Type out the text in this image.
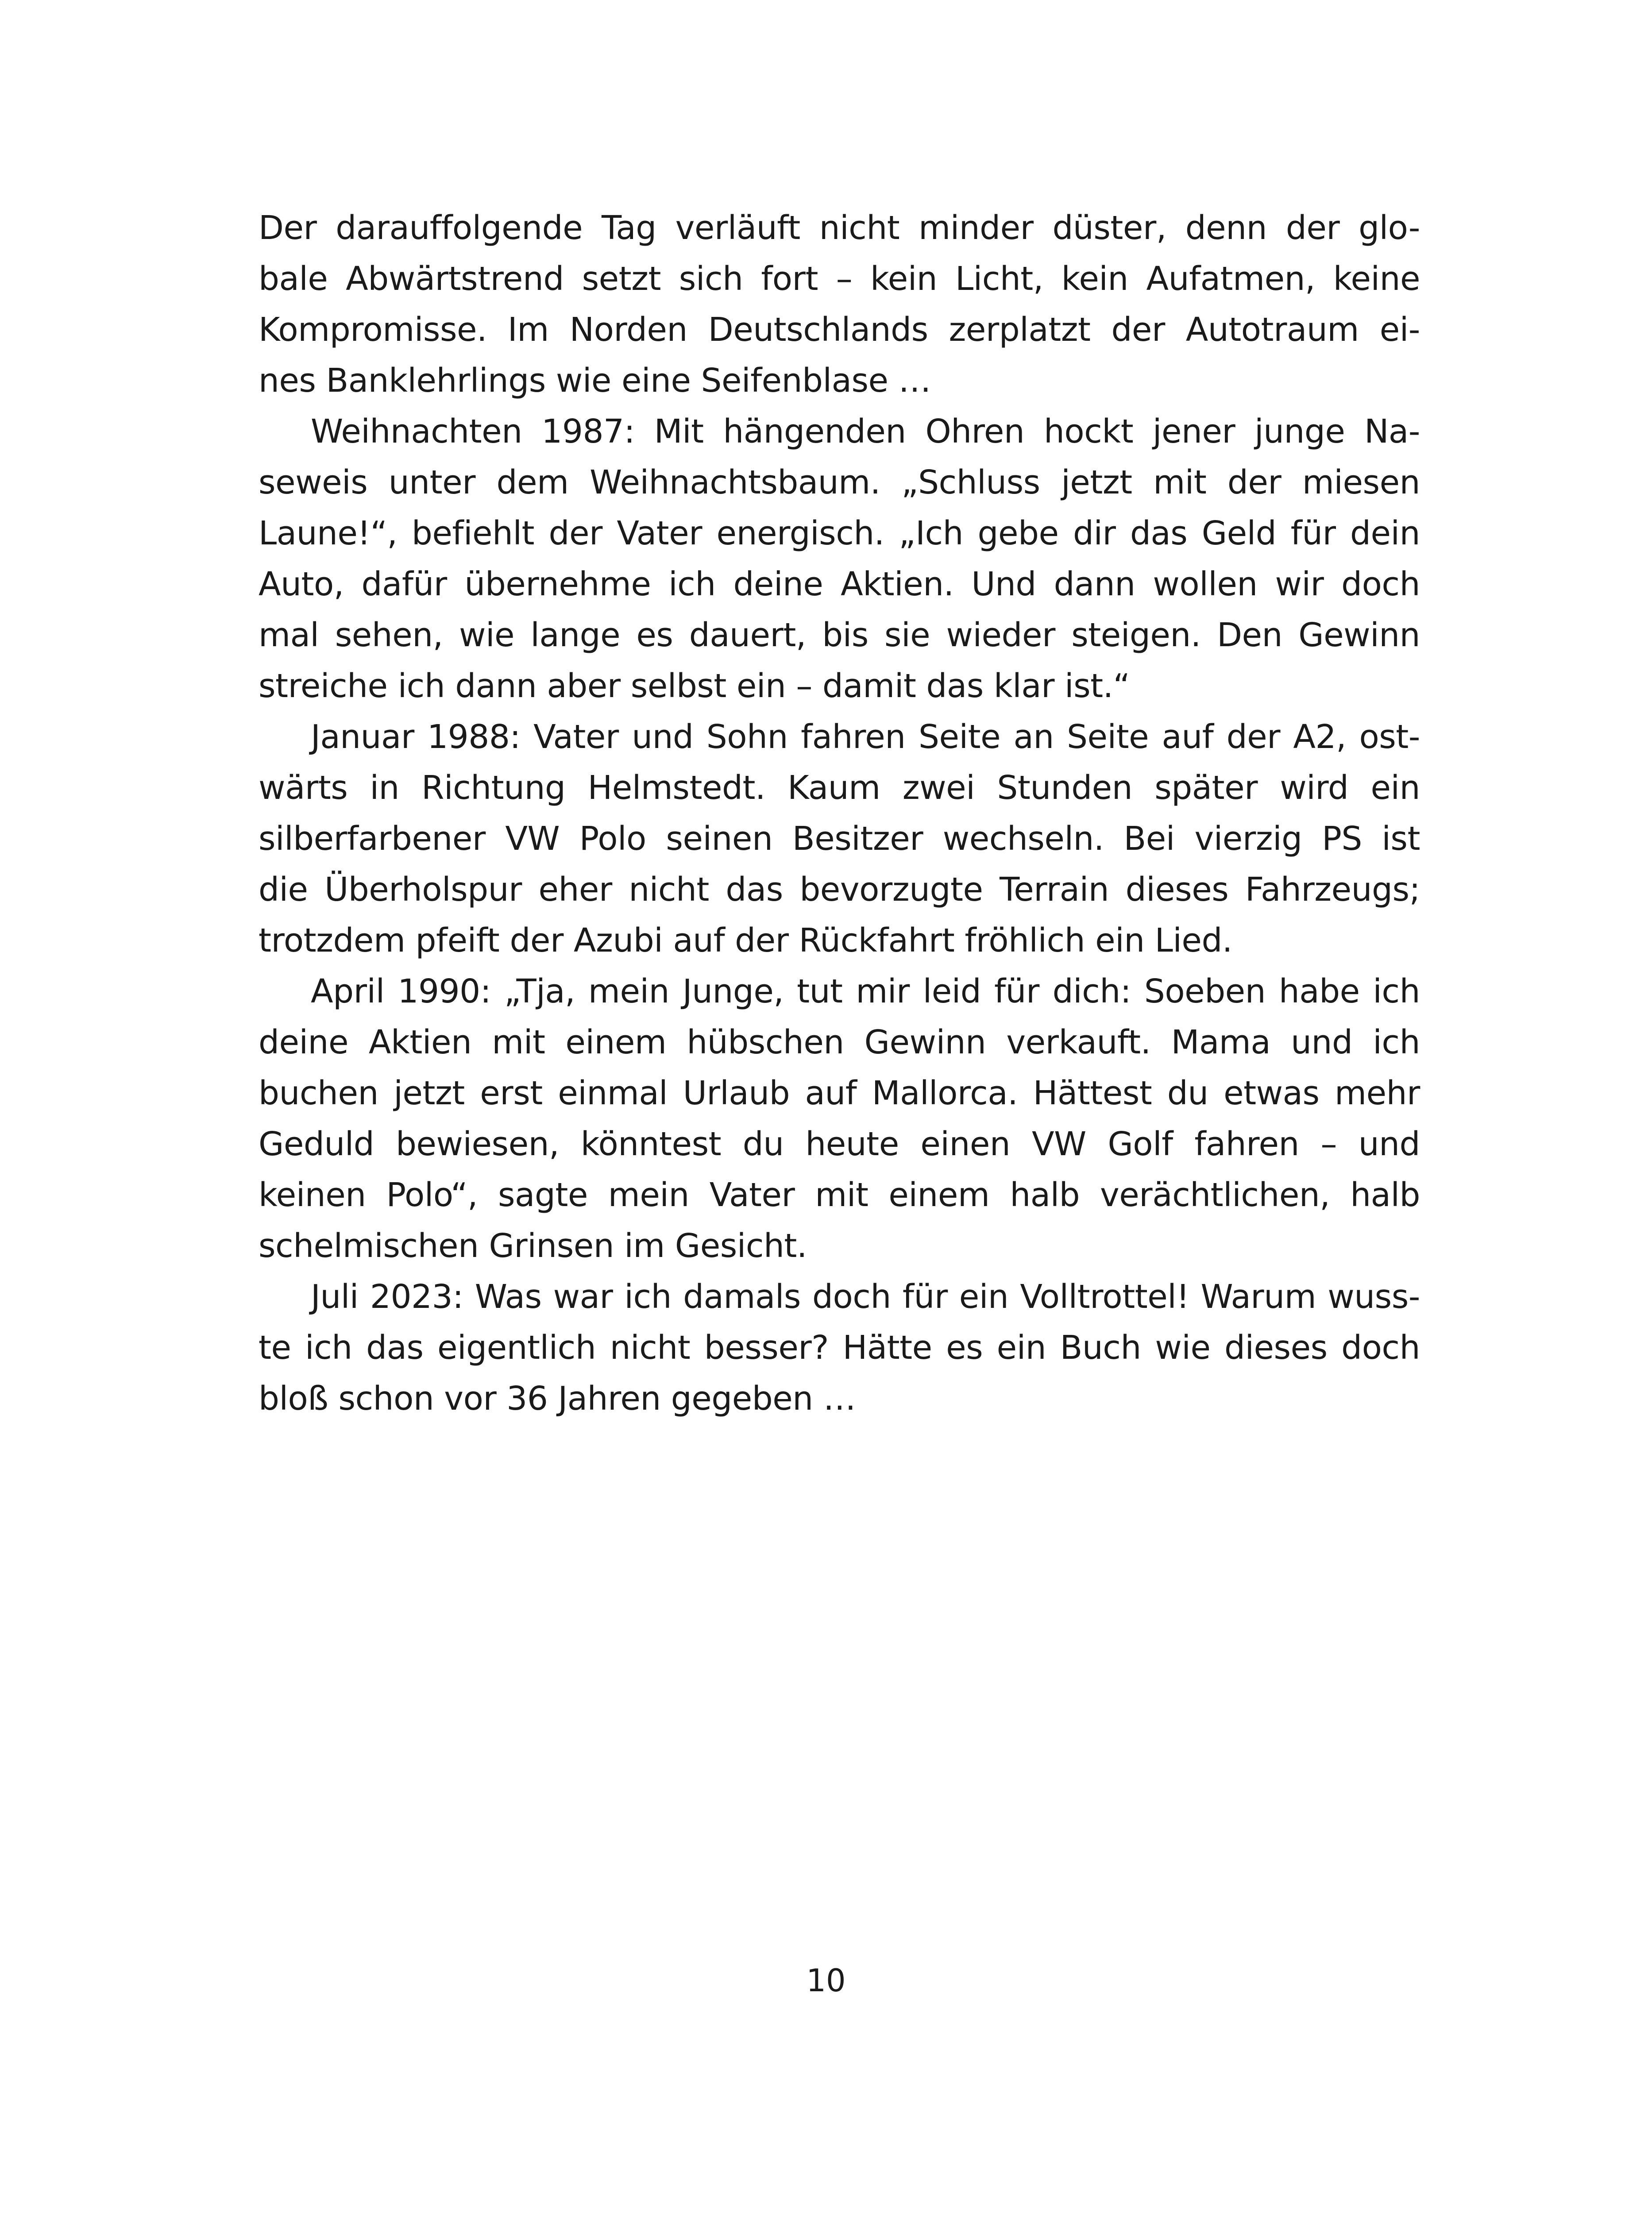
Der darauffolgende Tag verläuft nicht minder düster, denn der glo-
bale Abwärtstrend setzt sich fort – kein Licht, kein Aufatmen, keine
Kompromisse. Im Norden Deutschlands zerplatzt der Autotraum ei-
nes Banklehrlings wie eine Seifenblase …
Weihnachten 1987: Mit hängenden Ohren hockt jener junge Na-
seweis unter dem Weihnachtsbaum. „Schluss jetzt mit der miesen
Laune!“, befiehlt der Vater energisch. „Ich gebe dir das Geld für dein
Auto, dafür übernehme ich deine Aktien. Und dann wollen wir doch
mal sehen, wie lange es dauert, bis sie wieder steigen. Den Gewinn
streiche ich dann aber selbst ein – damit das klar ist.“
Januar 1988: Vater und Sohn fahren Seite an Seite auf der A2, ost-
wärts in Richtung Helmstedt. Kaum zwei Stunden später wird ein
silberfarbener VW Polo seinen Besitzer wechseln. Bei vierzig PS ist
die Überholspur eher nicht das bevorzugte Terrain dieses Fahrzeugs;
trotzdem pfeift der Azubi auf der Rückfahrt fröhlich ein Lied.
April 1990: „Tja, mein Junge, tut mir leid für dich: Soeben habe ich
deine Aktien mit einem hübschen Gewinn verkauft. Mama und ich
buchen jetzt erst einmal Urlaub auf Mallorca. Hättest du etwas mehr
Geduld bewiesen, könntest du heute einen VW Golf fahren – und
keinen Polo“, sagte mein Vater mit einem halb verächtlichen, halb
schelmischen Grinsen im Gesicht.
Juli 2023: Was war ich damals doch für ein Volltrottel! Warum wuss-
te ich das eigentlich nicht besser? Hätte es ein Buch wie dieses doch
bloß schon vor 36 Jahren gegeben …
10
